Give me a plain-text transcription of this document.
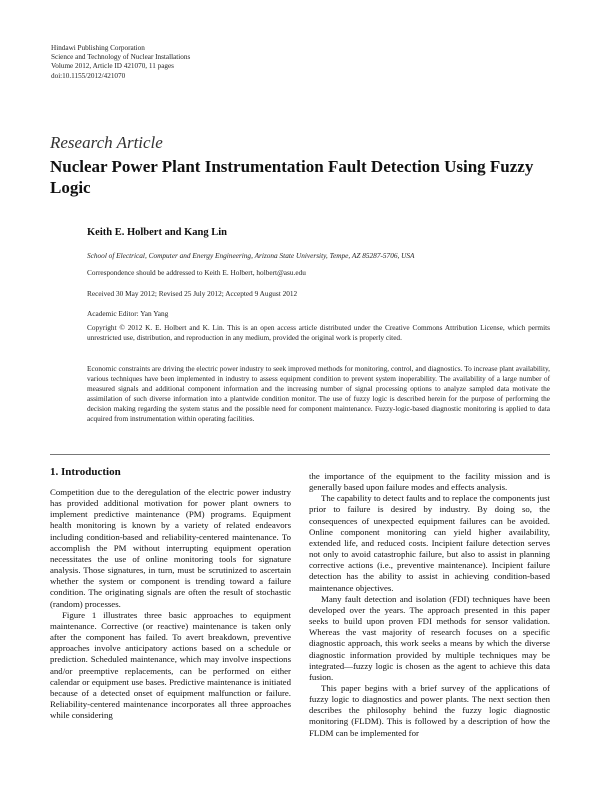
Hindawi Publishing Corporation
Science and Technology of Nuclear Installations
Volume 2012, Article ID 421070, 11 pages
doi:10.1155/2012/421070
Research Article
Nuclear Power Plant Instrumentation Fault Detection Using Fuzzy Logic
Keith E. Holbert and Kang Lin
School of Electrical, Computer and Energy Engineering, Arizona State University, Tempe, AZ 85287-5706, USA
Correspondence should be addressed to Keith E. Holbert, holbert@asu.edu
Received 30 May 2012; Revised 25 July 2012; Accepted 9 August 2012
Academic Editor: Yan Yang
Copyright © 2012 K. E. Holbert and K. Lin. This is an open access article distributed under the Creative Commons Attribution License, which permits unrestricted use, distribution, and reproduction in any medium, provided the original work is properly cited.
Economic constraints are driving the electric power industry to seek improved methods for monitoring, control, and diagnostics. To increase plant availability, various techniques have been implemented in industry to assess equipment condition to prevent system inoperability. The availability of a large number of measured signals and additional component information and the increasing number of signal processing options to analyze sampled data motivate the assimilation of such diverse information into a plantwide condition monitor. The use of fuzzy logic is described herein for the purpose of performing the decision making regarding the system status and the possible need for component maintenance. Fuzzy-logic-based diagnostic monitoring is applied to data acquired from instrumentation within operating facilities.
1. Introduction

Competition due to the deregulation of the electric power industry has provided additional motivation for power plant owners to implement predictive maintenance (PM) programs. Equipment health monitoring is known by a variety of related endeavors including condition-based and reliability-centered maintenance. To accomplish the PM without interrupting equipment operation necessitates the use of online monitoring tools for signature analysis. Those signatures, in turn, must be scrutinized to ascertain whether the system or component is trending toward a failure condition. The originating signals are often the result of stochastic (random) processes.

Figure 1 illustrates three basic approaches to equipment maintenance. Corrective (or reactive) maintenance is taken only after the component has failed. To avert breakdown, preventive approaches involve anticipatory actions based on a schedule or prediction. Scheduled maintenance, which may involve inspections and/or preemptive replacements, can be performed on either calendar or equipment use bases. Predictive maintenance is initiated because of a detected onset of equipment malfunction or failure. Reliability-centered maintenance incorporates all three approaches while considering

the importance of the equipment to the facility mission and is generally based upon failure modes and effects analysis.

The capability to detect faults and to replace the components just prior to failure is desired by industry. By doing so, the consequences of unexpected equipment failures can be avoided. Online component monitoring can yield higher availability, extended life, and reduced costs. Incipient failure detection serves not only to avoid catastrophic failure, but also to assist in planning corrective actions (i.e., preventive maintenance). Incipient failure detection has the ability to assist in achieving condition-based maintenance objectives.

Many fault detection and isolation (FDI) techniques have been developed over the years. The approach presented in this paper seeks to build upon proven FDI methods for sensor validation. Whereas the vast majority of research focuses on a specific diagnostic approach, this work seeks a means by which the diverse diagnostic information provided by multiple techniques may be integrated—fuzzy logic is chosen as the agent to achieve this data fusion.

This paper begins with a brief survey of the applications of fuzzy logic to diagnostics and power plants. The next section then describes the philosophy behind the fuzzy logic diagnostic monitoring (FLDM). This is followed by a description of how the FLDM can be implemented for
